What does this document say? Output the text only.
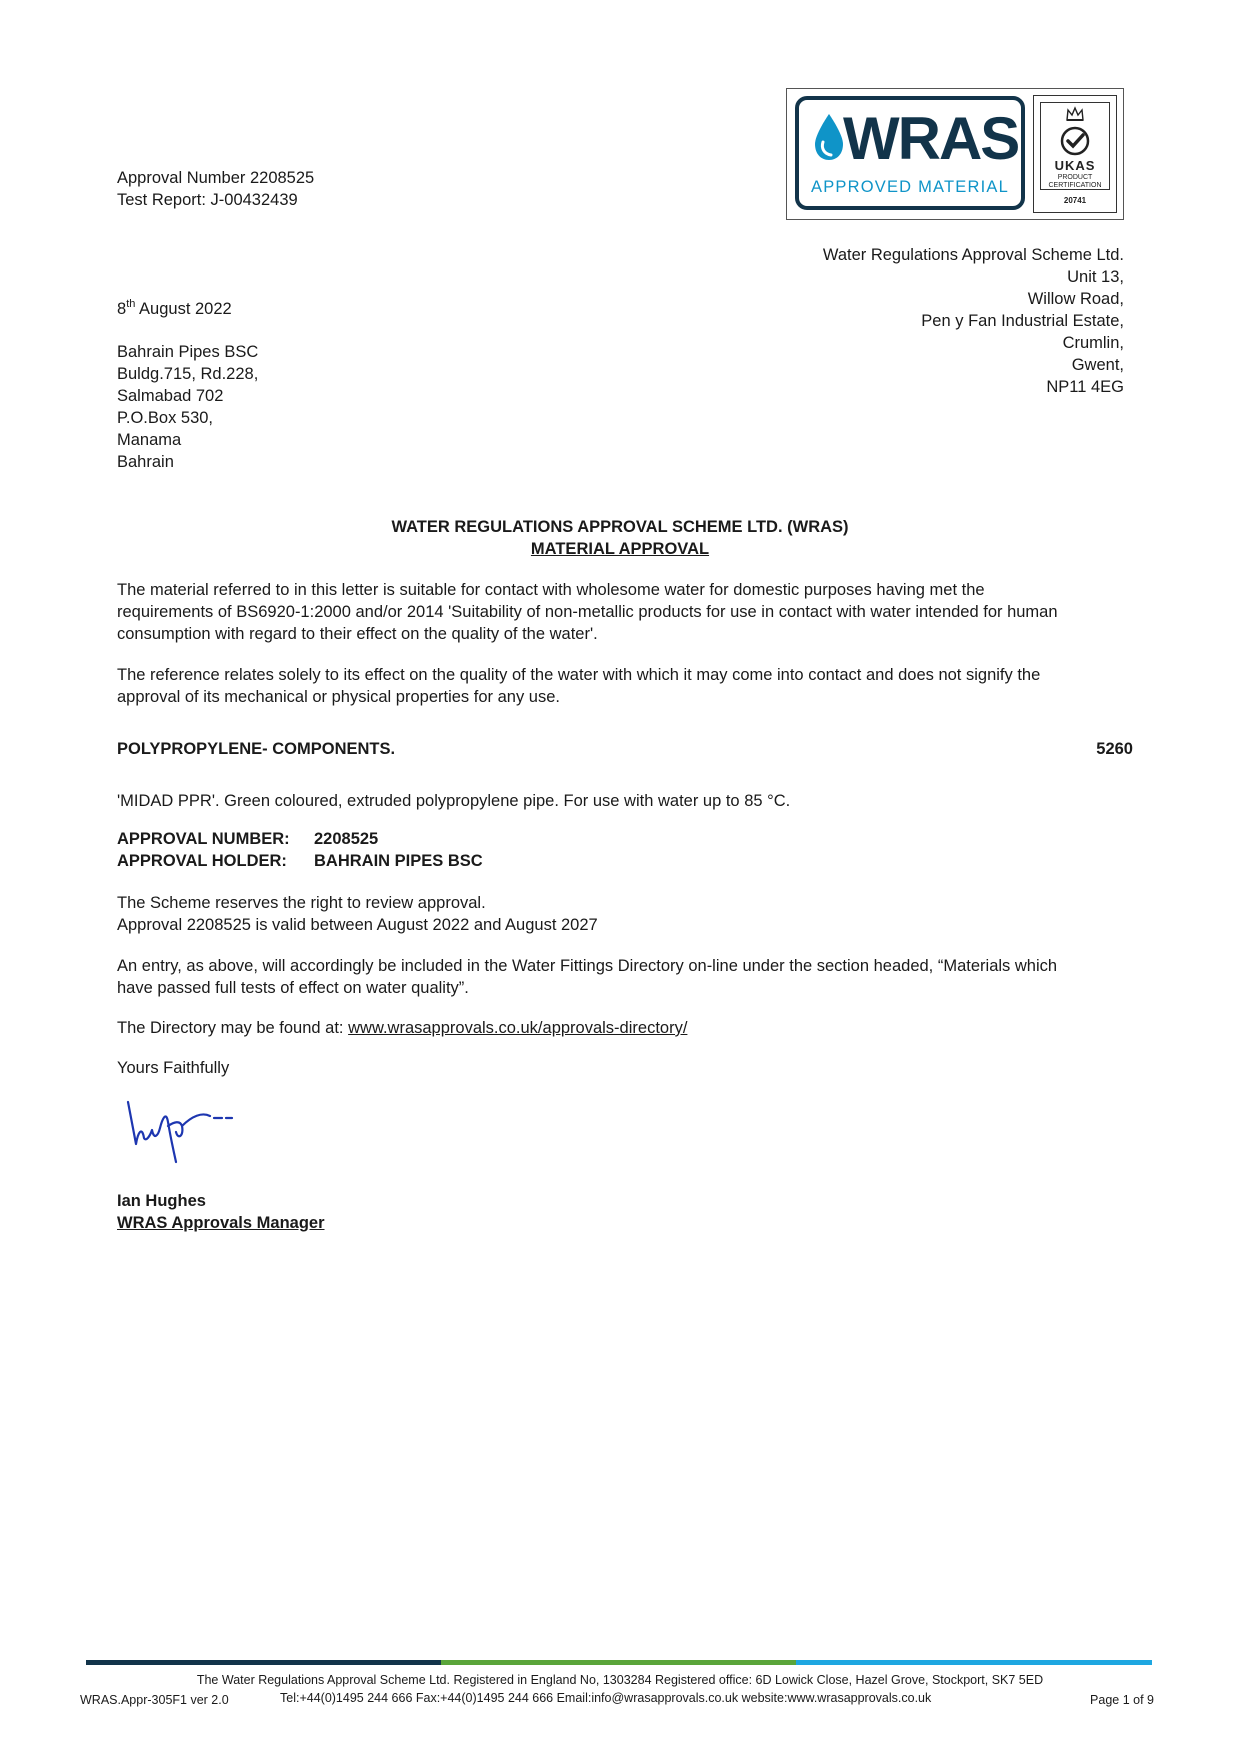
WRAS
APPROVED MATERIAL
UKAS
PRODUCT
CERTIFICATION
20741
Approval Number 2208525
Test Report: J-00432439
Water Regulations Approval Scheme Ltd.
Unit 13,
Willow Road,
Pen y Fan Industrial Estate,
Crumlin,
Gwent,
NP11 4EG
8th August 2022
Bahrain Pipes BSC
Buldg.715, Rd.228,
Salmabad 702
P.O.Box 530,
Manama
Bahrain
WATER REGULATIONS APPROVAL SCHEME LTD. (WRAS)
MATERIAL APPROVAL
The material referred to in this letter is suitable for contact with wholesome water for domestic purposes having met the
requirements of BS6920-1:2000 and/or 2014 'Suitability of non-metallic products for use in contact with water intended for human
consumption with regard to their effect on the quality of the water'.
The reference relates solely to its effect on the quality of the water with which it may come into contact and does not signify the
approval of its mechanical or physical properties for any use.
POLYPROPYLENE- COMPONENTS.	5260
'MIDAD PPR'. Green coloured, extruded polypropylene pipe. For use with water up to 85 °C.
APPROVAL NUMBER: 2208525
APPROVAL HOLDER: BAHRAIN PIPES BSC
The Scheme reserves the right to review approval.
Approval 2208525 is valid between August 2022 and August 2027
An entry, as above, will accordingly be included in the Water Fittings Directory on-line under the section headed, “Materials which
have passed full tests of effect on water quality”.
The Directory may be found at: www.wrasapprovals.co.uk/approvals-directory/
Yours Faithfully
Ian Hughes
WRAS Approvals Manager
The Water Regulations Approval Scheme Ltd. Registered in England No, 1303284 Registered office: 6D Lowick Close, Hazel Grove, Stockport, SK7 5ED
WRAS.Appr-305F1 ver 2.0	Tel:+44(0)1495 244 666 Fax:+44(0)1495 244 666 Email:info@wrasapprovals.co.uk website:www.wrasapprovals.co.uk	Page 1 of 9
